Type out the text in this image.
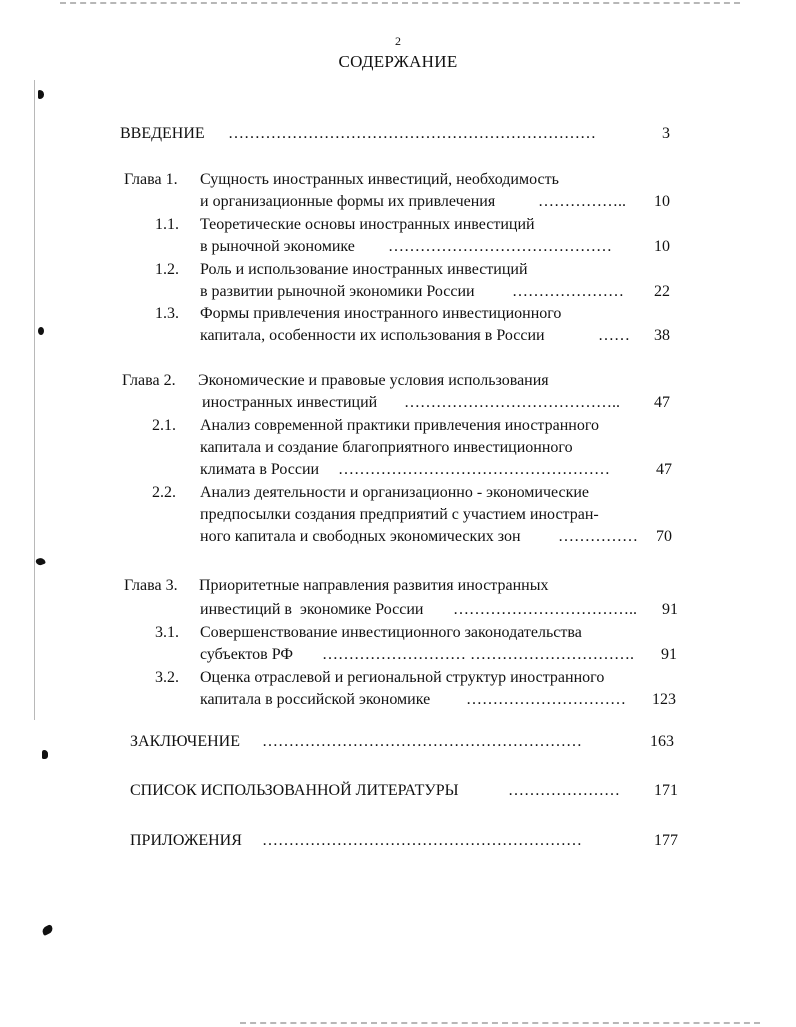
2
СОДЕРЖАНИЕ
ВВЕДЕНИЕ ……………………………………………………………	3
Глава 1. Сущность иностранных инвестиций, необходимость
и организационные формы их привлечения	……………..	10
1.1. Теоретические основы иностранных инвестиций
в рыночной экономике ……………………………………	10
1.2. Роль и использование иностранных инвестиций
в развитии рыночной экономики России …………………	22
1.3. Формы привлечения иностранного инвестиционного
капитала, особенности их использования в России	……	38
Глава 2. Экономические и правовые условия использования
иностранных инвестиций …………………………………..	47
2.1. Анализ современной практики привлечения иностранного
капитала и создание благоприятного инвестиционного
климата в России ……………………………………………	47
2.2. Анализ деятельности и организационно - экономические
предпосылки создания предприятий с участием иностран-
ного капитала и свободных экономических зон ……………	70
Глава 3. Приоритетные направления развития иностранных
инвестиций в  экономике России ……………………………..	91
3.1. Совершенствование инвестиционного законодательства
субъектов РФ ……………………… ………………………….	91
3.2. Оценка отраслевой и региональной структур иностранного
капитала в российской экономике …………………………	123
ЗАКЛЮЧЕНИЕ ……………………………………………………	163
СПИСОК ИСПОЛЬЗОВАННОЙ ЛИТЕРАТУРЫ	…………………	171
ПРИЛОЖЕНИЯ ……………………………………………………	177
